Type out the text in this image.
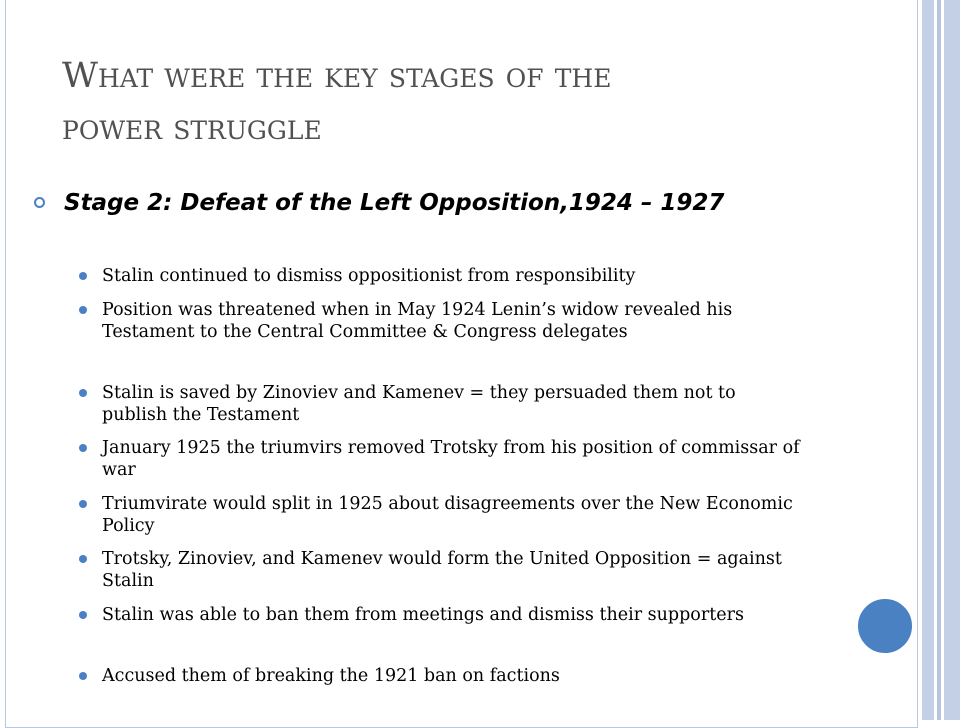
What were the key stages of the
power struggle
Stage 2: Defeat of the Left Opposition,1924 – 1927
Stalin continued to dismiss oppositionist from responsibility
Position was threatened when in May 1924 Lenin’s widow revealed his Testament to the Central Committee & Congress delegates
Stalin is saved by Zinoviev and Kamenev = they persuaded them not to publish the Testament
January 1925 the triumvirs removed Trotsky from his position of commissar of war
Triumvirate would split in 1925 about disagreements over the New Economic Policy
Trotsky, Zinoviev, and Kamenev would form the United Opposition = against Stalin
Stalin was able to ban them from meetings and dismiss their supporters
Accused them of breaking the 1921 ban on factions
